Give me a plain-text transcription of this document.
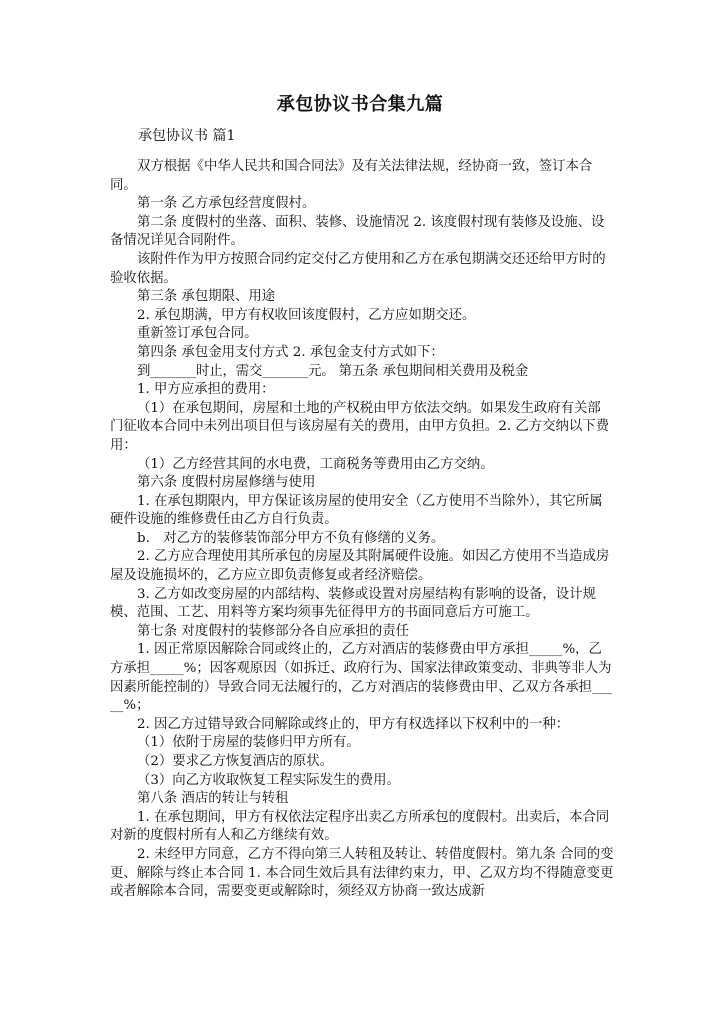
承包协议书合集九篇
承包协议书 篇1

双方根据《中华人民共和国合同法》及有关法律法规，经协商一致，签订本合同。

第一条 乙方承包经营度假村。

第二条 度假村的坐落、面积、装修、设施情况 2. 该度假村现有装修及设施、设备情况详见合同附件。

该附件作为甲方按照合同约定交付乙方使用和乙方在承包期满交还还给甲方时的验收依据。

第三条 承包期限、用途

2. 承包期满，甲方有权收回该度假村，乙方应如期交还。

重新签订承包合同。

第四条 承包金用支付方式 2. 承包金支付方式如下：

到_______时止，需交_______元。 第五条 承包期间相关费用及税金

1. 甲方应承担的费用：

（1）在承包期间，房屋和土地的产权税由甲方依法交纳。如果发生政府有关部门征收本合同中未列出项目但与该房屋有关的费用，由甲方负担。2. 乙方交纳以下费用：

（1）乙方经营其间的水电费，工商税务等费用由乙方交纳。

第六条 度假村房屋修缮与使用

1. 在承包期限内，甲方保证该房屋的使用安全（乙方使用不当除外），其它所属硬件设施的维修费任由乙方自行负责。

b.　对乙方的装修装饰部分甲方不负有修缮的义务。

2. 乙方应合理使用其所承包的房屋及其附属硬件设施。如因乙方使用不当造成房屋及设施损坏的，乙方应立即负责修复或者经济赔偿。

3. 乙方如改变房屋的内部结构、装修或设置对房屋结构有影响的设备，设计规模、范围、工艺、用料等方案均须事先征得甲方的书面同意后方可施工。

第七条 对度假村的装修部分各自应承担的责任

1. 因正常原因解除合同或终止的，乙方对酒店的装修费由甲方承担_____%，乙方承担_____%；因客观原因（如拆迁、政府行为、国家法律政策变动、非典等非人为因素所能控制的）导致合同无法履行的，乙方对酒店的装修费由甲、乙双方各承担_____%；

2. 因乙方过错导致合同解除或终止的，甲方有权选择以下权利中的一种：

（1）依附于房屋的装修归甲方所有。

（2）要求乙方恢复酒店的原状。

（3）向乙方收取恢复工程实际发生的费用。

第八条 酒店的转让与转租

1. 在承包期间，甲方有权依法定程序出卖乙方所承包的度假村。出卖后，本合同对新的度假村所有人和乙方继续有效。

2. 未经甲方同意，乙方不得向第三人转租及转让、转借度假村。第九条 合同的变更、解除与终止本合同 1. 本合同生效后具有法律约束力，甲、乙双方均不得随意变更或者解除本合同，需要变更或解除时，须经双方协商一致达成新
